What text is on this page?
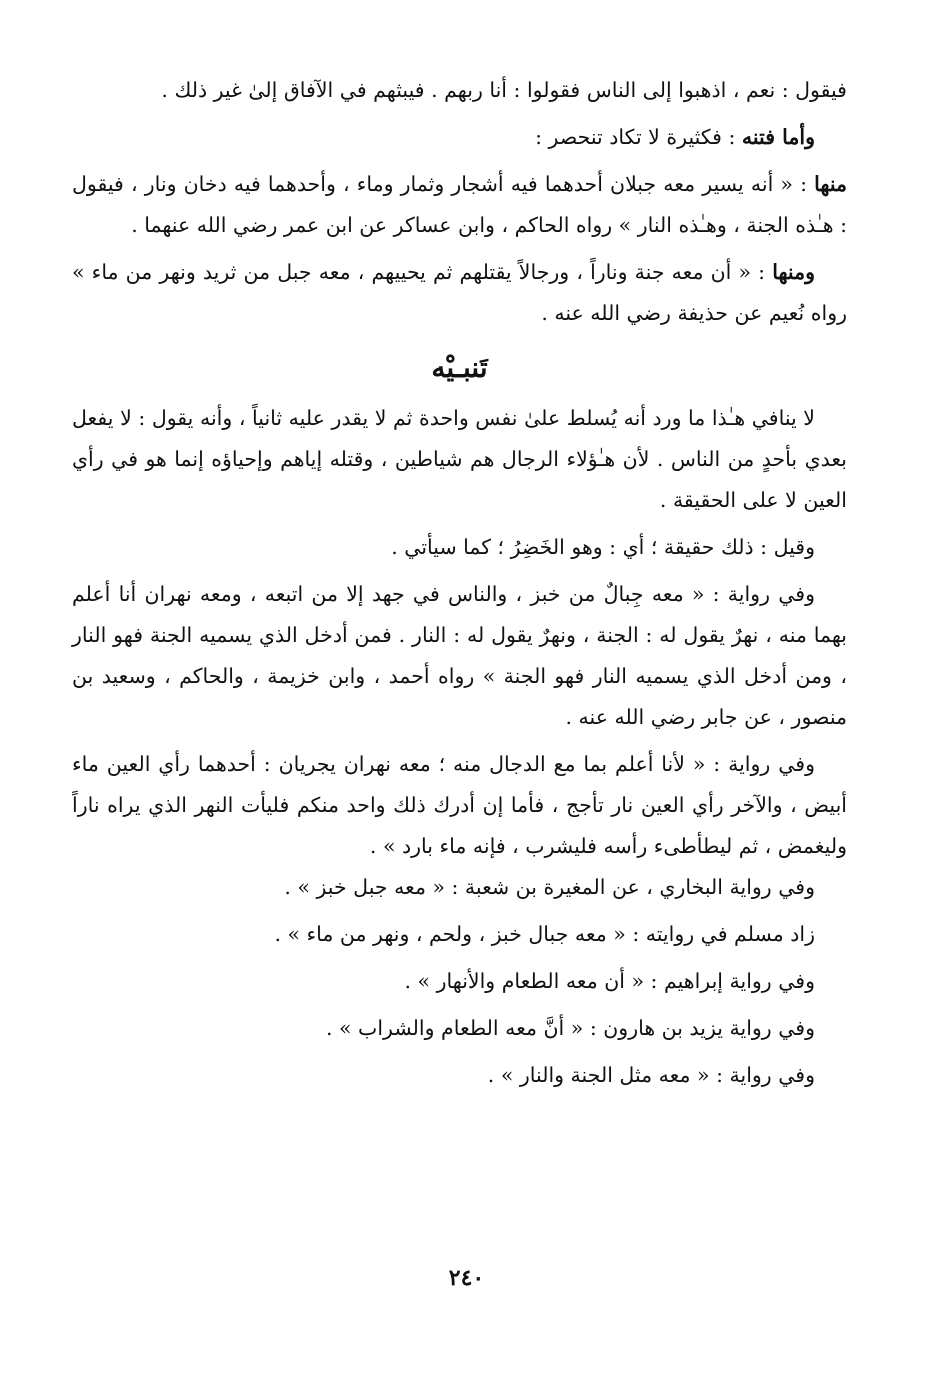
فيقول : نعم ، اذهبوا إلى الناس فقولوا : أنا ربهم . فيبثهم في الآفاق إلىٰ غير ذلك .

وأما فتنه : فكثيرة لا تكاد تنحصر :

منها : « أنه يسير معه جبلان أحدهما فيه أشجار وثمار وماء ، وأحدهما فيه دخان ونار ، فيقول : هـٰذه الجنة ، وهـٰذه النار » رواه الحاكم ، وابن عساكر عن ابن عمر رضي الله عنهما .

ومنها : « أن معه جنة وناراً ، ورجالاً يقتلهم ثم يحييهم ، معه جبل من ثريد ونهر من ماء » رواه نُعيم عن حذيفة رضي الله عنه .

تَنبـيْه

لا ينافي هـٰذا ما ورد أنه يُسلط علىٰ نفس واحدة ثم لا يقدر عليه ثانياً ، وأنه يقول : لا يفعل بعدي بأحدٍ من الناس . لأن هـٰؤلاء الرجال هم شياطين ، وقتله إياهم وإحياؤه إنما هو في رأي العين لا على الحقيقة .

وقيل : ذلك حقيقة ؛ أي : وهو الخَضِرُ ؛ كما سيأتي .

وفي رواية : « معه جِبالٌ من خبز ، والناس في جهد إلا من اتبعه ، ومعه نهران أنا أعلم بهما منه ، نهرٌ يقول له : الجنة ، ونهرٌ يقول له : النار . فمن أدخل الذي يسميه الجنة فهو النار ، ومن أدخل الذي يسميه النار فهو الجنة » رواه أحمد ، وابن خزيمة ، والحاكم ، وسعيد بن منصور ، عن جابر رضي الله عنه .

وفي رواية : « لأنا أعلم بما مع الدجال منه ؛ معه نهران يجريان : أحدهما رأي العين ماء أبيض ، والآخر رأي العين نار تأجج ، فأما إن أدرك ذلك واحد منكم فليأت النهر الذي يراه ناراً وليغمض ، ثم ليطأطىء رأسه فليشرب ، فإنه ماء بارد » .

وفي رواية البخاري ، عن المغيرة بن شعبة : « معه جبل خبز » .

زاد مسلم في روايته : « معه جبال خبز ، ولحم ، ونهر من ماء » .

وفي رواية إبراهيم : « أن معه الطعام والأنهار » .

وفي رواية يزيد بن هارون : « أنَّ معه الطعام والشراب » .

وفي رواية : « معه مثل الجنة والنار » .

٢٤٠
